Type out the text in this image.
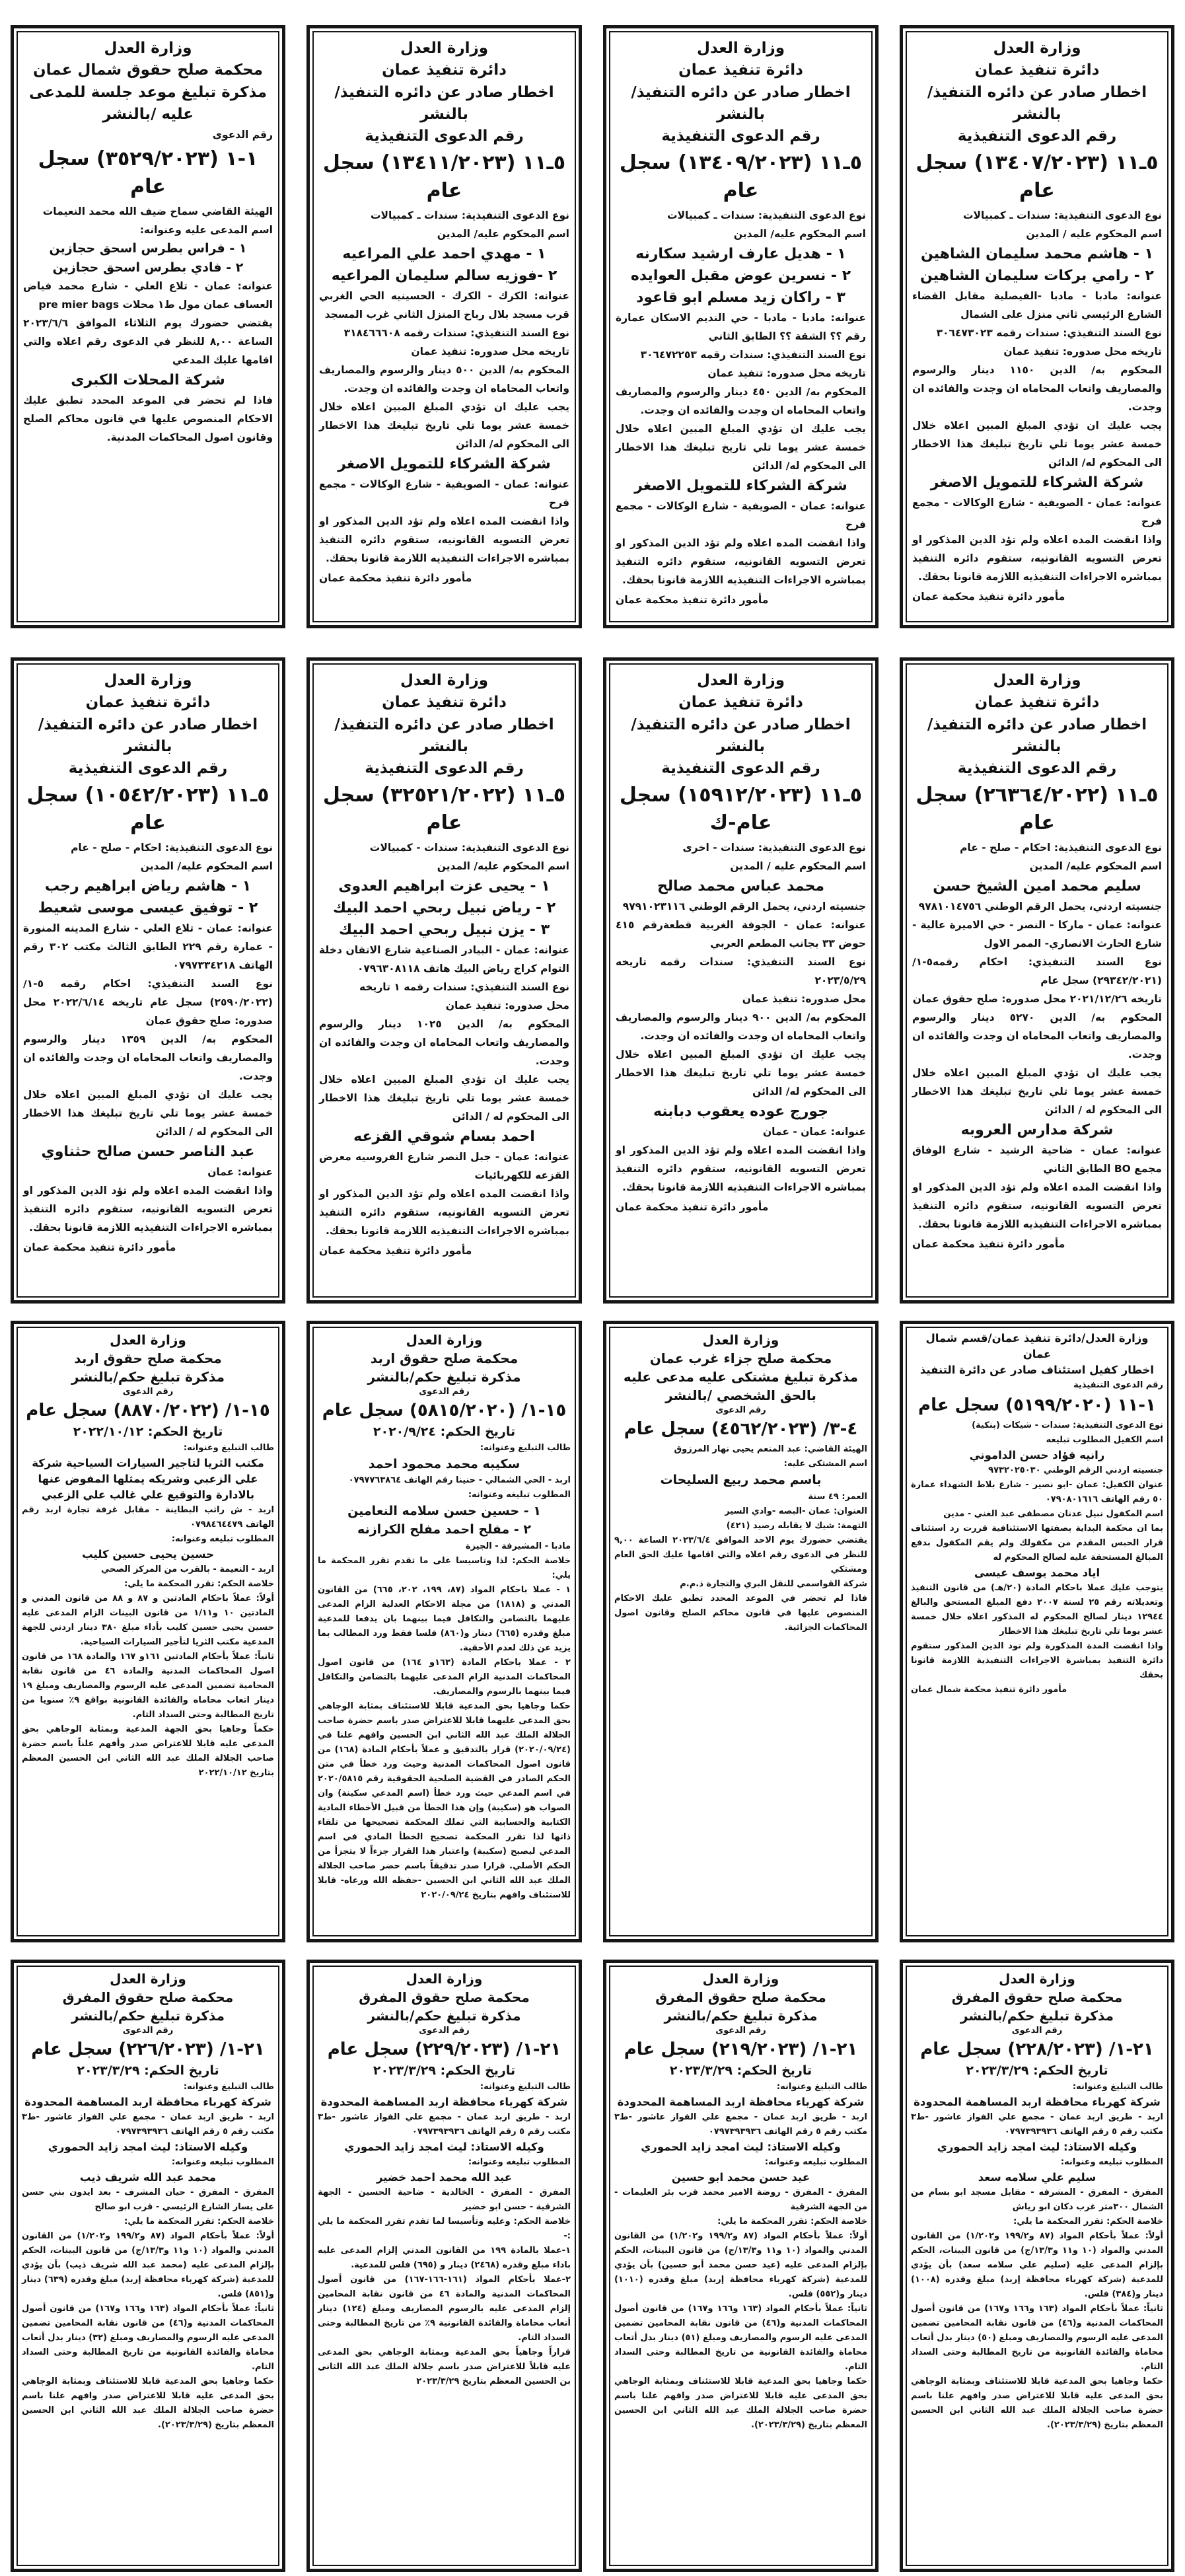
وزارة العدل

دائرة تنفيذ عمان

اخطار صادر عن دائره التنفيذ/ بالنشر

رقم الدعوى التنفيذية

٥ـ١١ (١٣٤٠٧/٢٠٢٣) سجل عام

نوع الدعوى التنفيذية: سندات ـ كمبيالات

اسم المحكوم عليه / المدين

١ - هاشم محمد سليمان الشاهين

٢ - رامي بركات سليمان الشاهين

عنوانه: مادبا - مادبا -الفيصلية مقابل القضاء الشارع الرئيسي ثاني منزل على الشمال

نوع السند التنفيذي: سندات رقمه ٣٠٦٤٧٣٠٢٣

تاريخه محل صدوره: تنفيذ عمان

المحكوم به/ الدين ١١٥٠ دينار والرسوم والمصاريف واتعاب المحاماه ان وجدت والفائده ان وجدت.

يجب عليك ان تؤدي المبلغ المبين اعلاه خلال خمسة عشر يوما تلي تاريخ تبليغك هذا الاخطار الى المحكوم له/ الدائن

شركة الشركاء للتمويل الاصغر

عنوانه: عمان - الصويفية - شارع الوكالات - مجمع فرح

واذا انقضت المده اعلاه ولم تؤد الدين المذكور او تعرض التسويه القانونيه، ستقوم دائره التنفيذ بمباشره الاجراءات التنفيذيه اللازمة قانونا بحقك.

مأمور دائرة تنفيذ محكمة عمان

وزارة العدل

دائرة تنفيذ عمان

اخطار صادر عن دائره التنفيذ/ بالنشر

رقم الدعوى التنفيذية

٥ـ١١ (١٣٤٠٩/٢٠٢٣) سجل عام

نوع الدعوى التنفيذية: سندات ـ كمبيالات

اسم المحكوم عليه/ المدين

١ - هديل عارف ارشيد سكارنه

٢ - نسرين عوض مقبل العوايده

٣ - راكان زيد مسلم ابو قاعود

عنوانه: مادبا - مادبا - حي النديم الاسكان عمارة رقم ؟؟ الشقة ؟؟ الطابق الثاني

نوع السند التنفيذي: سندات رقمه ٣٠٦٤٧٢٢٥٣

تاريخه محل صدوره: تنفيذ عمان

المحكوم به/ الدين ٤٥٠ دينار والرسوم والمصاريف واتعاب المحاماه ان وجدت والفائده ان وجدت.

يجب عليك ان تؤدي المبلغ المبين اعلاه خلال خمسة عشر يوما تلي تاريخ تبليغك هذا الاخطار الى المحكوم له/ الدائن

شركة الشركاء للتمويل الاصغر

عنوانه: عمان - الصويفية - شارع الوكالات - مجمع فرح

واذا انقضت المده اعلاه ولم تؤد الدين المذكور او تعرض التسويه القانونيه، ستقوم دائره التنفيذ بمباشره الاجراءات التنفيذيه اللازمة قانونا بحقك.

مأمور دائرة تنفيذ محكمة عمان

وزارة العدل

دائرة تنفيذ عمان

اخطار صادر عن دائره التنفيذ/ بالنشر

رقم الدعوى التنفيذية

٥ـ١١ (١٣٤١١/٢٠٢٣) سجل عام

نوع الدعوى التنفيذية: سندات ـ كمبيالات

اسم المحكوم عليه/ المدين

١ - مهدي احمد علي المراعيه

٢ -فوزيه سالم سليمان المراعيه

عنوانه: الكرك - الكرك - الحسينيه الحي الغربي قرب مسجد بلال رباح المنزل الثاني غرب المسجد

نوع السند التنفيذي: سندات رقمه ٣١٨٤٦٦٦٠٨

تاريخه محل صدوره: تنفيذ عمان

المحكوم به/ الدين ٥٠٠ دينار والرسوم والمصاريف واتعاب المحاماه ان وجدت والفائده ان وجدت.

يجب عليك ان تؤدي المبلغ المبين اعلاه خلال خمسة عشر يوما تلي تاريخ تبليغك هذا الاخطار الى المحكوم له/ الدائن

شركة الشركاء للتمويل الاصغر

عنوانه: عمان - الصويفية - شارع الوكالات - مجمع فرح

واذا انقضت المده اعلاه ولم تؤد الدين المذكور او تعرض التسويه القانونيه، ستقوم دائره التنفيذ بمباشره الاجراءات التنفيذيه اللازمة قانونا بحقك.

مأمور دائرة تنفيذ محكمة عمان

وزارة العدل

محكمة صلح حقوق شمال عمان

مذكرة تبليغ موعد جلسة للمدعى عليه /بالنشر

رقم الدعوى

١-١ (٣٥٢٩/٢٠٢٣) سجل عام

الهيئة القاضي سماح ضيف الله محمد النعيمات

اسم المدعى عليه وعنوانه:

١ - فراس بطرس اسحق حجازين

٢ - فادي بطرس اسحق حجازين

عنوانه: عمان - تلاع العلي - شارع محمد فياض العساف عمان مول ط١ محلات pre mier bags

يقتضي حضورك يوم الثلاثاء الموافق ٢٠٢٣/٦/٦ الساعة ٨,٠٠ للنظر في الدعوى رقم اعلاه والتي اقامها عليك المدعي

شركة المحلات الكبرى

فاذا لم تحضر في الموعد المحدد تطبق عليك الاحكام المنصوص عليها في قانون محاكم الصلح وقانون اصول المحاكمات المدنية.

وزارة العدل

دائرة تنفيذ عمان

اخطار صادر عن دائره التنفيذ/ بالنشر

رقم الدعوى التنفيذية

٥ـ١١ (٢٦٣٦٤/٢٠٢٢) سجل عام

نوع الدعوى التنفيذية: احكام - صلح - عام

اسم المحكوم عليه/ المدين

سليم محمد امين الشيخ حسن

جنسيته اردني، يحمل الرقم الوطني ٩٧٨١٠١٤٧٥٦

عنوانه: عمان - ماركا - النصر - حي الاميرة عالية - شارع الحارث الانصاري- الممر الاول

نوع السند التنفيذي: احكام رقمه٥-١/ (٢٩٣٤٢/٢٠٢١) سجل عام

تاريخه ٢٠٢١/١٢/٢٦ محل صدوره: صلح حقوق عمان

المحكوم به/ الدين ٥٢٧٠ دينار والرسوم والمصاريف واتعاب المحاماه ان وجدت والفائده ان وجدت.

يجب عليك ان تؤدي المبلغ المبين اعلاه خلال خمسة عشر يوما تلي تاريخ تبليغك هذا الاخطار الى المحكوم له / الدائن

شركة مدارس العروبه

عنوانه: عمان - ضاحية الرشيد - شارع الوفاق مجمع BO الطابق الثاني

واذا انقضت المده اعلاه ولم تؤد الدين المذكور او تعرض التسويه القانونيه، ستقوم دائره التنفيذ بمباشره الاجراءات التنفيذيه اللازمة قانونا بحقك.

مأمور دائرة تنفيذ محكمة عمان

وزارة العدل

دائرة تنفيذ عمان

اخطار صادر عن دائره التنفيذ/ بالنشر

رقم الدعوى التنفيذية

٥ـ١١ (١٥٩١٢/٢٠٢٣) سجل عام-ك

نوع الدعوى التنفيذية: سندات - اخرى

اسم المحكوم عليه / المدين

محمد عباس محمد صالح

جنسيته اردني، يحمل الرقم الوطني ٩٧٩١٠٢٣١١٦

عنوانه: عمان - الجوفة الغربية قطعةرقم ٤١٥ حوض ٣٣ بجانب المطعم العربي

نوع السند التنفيذي: سندات رقمه تاريخه ٢٠٢٣/٥/٢٩

محل صدوره: تنفيذ عمان

المحكوم به/ الدين ٩٠٠ دينار والرسوم والمصاريف واتعاب المحاماه ان وجدت والفائده ان وجدت.

يجب عليك ان تؤدي المبلغ المبين اعلاه خلال خمسة عشر يوما تلي تاريخ تبليغك هذا الاخطار الى المحكوم له/ الدائن

جورج عوده يعقوب دبابنه

عنوانه: عمان - عمان

واذا انقضت المده اعلاه ولم تؤد الدين المذكور او تعرض التسويه القانونيه، ستقوم دائره التنفيذ بمباشره الاجراءات التنفيذيه اللازمة قانونا بحقك.

مأمور دائرة تنفيذ محكمة عمان

وزارة العدل

دائرة تنفيذ عمان

اخطار صادر عن دائره التنفيذ/ بالنشر

رقم الدعوى التنفيذية

٥ـ١١ (٣٢٥٢١/٢٠٢٢) سجل عام

نوع الدعوى التنفيذية: سندات - كمبيالات

اسم المحكوم عليه/ المدين

١ - يحيى عزت ابراهيم العدوى

٢ - رياض نبيل ربحي احمد البيك

٣ - يزن نبيل ربحي احمد البيك

عنوانه: عمان - البيادر الصناعية شارع الاتقان دخلة التوام كراج رياض البيك هاتف ٠٧٩٦٣٠٨١١٨

نوع السند التنفيذي: سندات رقمه ١ تاريخه

محل صدوره: تنفيذ عمان

المحكوم به/ الدين ١٠٢٥ دينار والرسوم والمصاريف واتعاب المحاماه ان وجدت والفائده ان وجدت.

يجب عليك ان تؤدي المبلغ المبين اعلاه خلال خمسة عشر يوما تلي تاريخ تبليغك هذا الاخطار الى المحكوم له / الدائن

احمد بسام شوقي القزعه

عنوانه: عمان - جبل النصر شارع الفروسيه معرض القزعه للكهربائيات

واذا انقضت المده اعلاه ولم تؤد الدين المذكور او تعرض التسويه القانونيه، ستقوم دائره التنفيذ بمباشره الاجراءات التنفيذيه اللازمة قانونا بحقك.

مأمور دائرة تنفيذ محكمة عمان

وزارة العدل

دائرة تنفيذ عمان

اخطار صادر عن دائره التنفيذ/ بالنشر

رقم الدعوى التنفيذية

٥ـ١١ (١٠٥٤٢/٢٠٢٣) سجل عام

نوع الدعوى التنفيذية: احكام - صلح - عام

اسم المحكوم عليه/ المدين

١ - هاشم رياض ابراهيم رجب

٢ - توفيق عيسى موسى شعيط

عنوانه: عمان - تلاع العلي - شارع المدينه المنورة - عمارة رقم ٢٢٩ الطابق الثالث مكتب ٣٠٢ رقم الهاتف ٠٧٩٧٣٣٤٢١٨

نوع السند التنفيذي: احكام رقمه ٥-١/ (٢٥٩٠/٢٠٢٢) سجل عام تاريخه ٢٠٢٢/٦/١٤ محل صدوره: صلح حقوق عمان

المحكوم به/ الدين ١٣٥٩ دينار والرسوم والمصاريف واتعاب المحاماه ان وجدت والفائده ان وجدت.

يجب عليك ان تؤدي المبلغ المبين اعلاه خلال خمسة عشر يوما تلي تاريخ تبليغك هذا الاخطار الى المحكوم له / الدائن

عبد الناصر حسن صالح حثناوي

عنوانه: عمان

واذا انقضت المده اعلاه ولم تؤد الدين المذكور او تعرض التسويه القانونيه، ستقوم دائره التنفيذ بمباشره الاجراءات التنفيذيه اللازمة قانونا بحقك.

مأمور دائرة تنفيذ محكمة عمان

وزارة العدل/دائرة تنفيذ عمان/قسم شمال عمان

اخطار كفيل استئناف صادر عن دائرة التنفيذ

رقم الدعوى التنفيذية

١-١١ (٥١٩٩/٢٠٢٠) سجل عام

نوع الدعوى التنفيذية: سندات - شيكات (بنكية)

اسم الكفيل المطلوب تبليغه

رانيه فؤاد حسن الداموني

جنسيته اردني الرقم الوطني ٩٧٣٢٠٢٥٠٣٠

عنوان الكفيل: عمان -ابو نصير - شارع بلاط الشهداء عمارة ٥٠ رقم الهاتف ٠٧٩٠٨٠١٦١٦

اسم المكفول نبيل عدنان مصطفى عبد الغني - مدين

بما ان محكمة البداية بصفتها الاستئنافية قررت رد استئناف قرار الحبس المقدم من مكفولك ولم يقم المكفول بدفع المبالغ المستحقة عليه لصالح المحكوم له

اياد محمد يوسف عيسى

يتوجب عليك عملا باحكام المادة (٢٠/هـ) من قانون التنفيذ وتعديلاته رقم ٢٥ لسنة ٢٠٠٧ دفع المبلغ المستحق والبالغ ١٢٩٤٤ دينار لصالح المحكوم له المذكور اعلاه خلال خمسة عشر يوما تلي تاريخ تبليغك هذا الاخطار

واذا انقضت المدة المذكورة ولم تود الدين المذكور ستقوم دائرة التنفيذ بمباشرة الاجراءات التنفيذية اللازمة قانونا بحقك

مأمور دائرة تنفيذ محكمة شمال عمان

وزارة العدل

محكمة صلح جزاء غرب عمان

مذكرة تبليغ مشتكى عليه مدعى عليه بالحق الشخصي /بالنشر

رقم الدعوى

٤-٣/ (٤٥٦٢/٢٠٢٣) سجل عام

الهيئة القاضي: عبد المنعم يحيى نهار المرزوق

اسم المشتكى عليه:

باسم محمد ربيع السليحات

العمر: ٤٩ سنة

العنوان: عمان -البصه -وادي السير

التهمة: شيك لا يقابله رصيد (٤٢١)

يقتضي حضورك يوم الاحد الموافق ٢٠٢٣/٦/٤ الساعة ٩,٠٠ للنظر في الدعوى رقم اعلاه والتي اقامها عليك الحق العام ومشتكي

شركة القواسمي للنقل البري والتجارة ذ.م.م

فاذا لم تحضر في الموعد المحدد تطبق عليك الاحكام المنصوص عليها في قانون محاكم الصلح وقانون اصول المحاكمات الجزائية.

وزارة العدل

محكمة صلح حقوق اربد

مذكرة تبليغ حكم/بالنشر

رقم الدعوى

١٥-١/ (٥٨١٥/٢٠٢٠) سجل عام

تاريخ الحكم: ٢٠٢٠/٩/٢٤

طالب التبليغ وعنوانه:

سكيبه محمد محمود احمد

اربد - الحي الشمالي - حنينا رقم الهاتف ٠٧٩٧٧٦٣٨٦٤

المطلوب تبليغه وعنوانه:

١ - حسين حسن سلامه النعامين

٢ - مفلح احمد مفلح الكرازنه

مادبا - المشيرفة - الجيزة

خلاصة الحكم: لذا وتاسيسا على ما تقدم تقرر المحكمة ما يلي:

١ - عملا باحكام المواد (٨٧، ١٩٩، ٢٠٢، ٦٦٥) من القانون المدني و (١٨١٨) من مجلة الاحكام العدلية الزام المدعى عليهما بالتضامن والتكافل فيما بينهما بان يدفعا للمدعية مبلغ وقدره (٦٦٥) دينار و(٨٦٠) فلسا فقط ورد المطالب بما يزيد عن ذلك لعدم الأحقية.

٢ - عملا باحكام المادة (١٦٣و ١٦٤) من قانون اصول المحاكمات المدنية الزام المدعى عليهما بالتضامن والتكافل فيما بينهما بالرسوم والمصاريف.

حكما وجاهيا بحق المدعية قابلا للاستئناف بمثابة الوجاهي بحق المدعى عليهما قابلا للاعتراض صدر باسم حضرة صاحب الجلالة الملك عبد الله الثاني ابن الحسين وافهم علنا في (٢٠٢٠/٠٩/٢٤) قرار بالتدقيق و عملاً بأحكام المادة (١٦٨) من قانون اصول المحاكمات المدنية وحيث ورد خطأ في متن الحكم الصادر في القضية الصلحية الحقوقية رقم ٢٠٢٠/٥٨١٥ في اسم المدعي حيث ورد خطأ (اسم المدعي سكينة) وان الصواب هو (سكيبة) وإن هذا الخطأ من قبيل الأخطاء المادية الكتابية والحسابية التي تملك المحكمة تصحيحها من تلقاء ذاتها لذا تقرر المحكمة تصحيح الخطأ المادي في اسم المدعي ليصبح (سكيبة) واعتبار هذا القرار جزءاً لا يتجزأ من الحكم الأصلي. قرارا صدر تدقيقاً باسم حضر صاحب الجلالة الملك عبد الله الثاني ابن الحسين -حفظه الله ورعاه- قابلا للاستئناف وافهم بتاريخ ٢٠٢٠/٠٩/٢٤

وزارة العدل

محكمة صلح حقوق اربد

مذكرة تبليغ حكم/بالنشر

رقم الدعوى

١٥-١/ (٨٨٧٠/٢٠٢٢) سجل عام

تاريخ الحكم: ٢٠٢٢/١٠/١٢

طالب التبليغ وعنوانه:

مكتب الثريا لتاجير السيارات السياحية شركة علي الزعبي وشريكه يمثلها المفوض عنها بالادارة والتوقيع علي غالب علي الزعبي

اربد - ش راتب البطاينة - مقابل غرفة تجارة اربد رقم الهاتف ٠٧٩٨٤٦٤٤٧٩

المطلوب تبليغه وعنوانه:

حسين يحيى حسين كليب

اربد - النعيمة - بالقرب من المركز الصحي

خلاصة الحكم: تقرر المحكمة ما يلي:

أولاً: عملاً باحكام المادتين و ٨٧ و ٨٨ من قانون المدني و المادتين ١٠ و١/١١ من قانون البينات الزام المدعى عليه حسين يحيى حسين كليب بأداء مبلغ ٣٨٠ دينار اردني للجهة المدعية مكتب الثريا لتأجير السيارات السياحية.

ثانياً: عملاً بأحكام المادتين ١٦١و ١٦٧ والمادة ١٦٨ من قانون اصول المحاكمات المدنية والمادة ٤٦ من قانون نقابة المحامية تضمين المدعى عليه الرسوم والمصاريف ومبلغ ١٩ دينار اتعاب محاماه والفائدة القانونية بواقع ٩٪ سنويا من تاريخ المطالبة وحتى السداد التام.

حكماً وجاهيا بحق الجهة المدعية وبمثابة الوجاهي بحق المدعى عليه قابلا للاعتراض صدر وأفهم علناً باسم حضرة صاحب الجلالة الملك عبد الله الثاني ابن الحسين المعظم بتاريخ ٢٠٢٢/١٠/١٢

وزارة العدل

محكمة صلح حقوق المفرق

مذكرة تبليغ حكم/بالنشر

رقم الدعوى

٢١-١/ (٢٢٨/٢٠٢٣) سجل عام

تاريخ الحكم: ٢٠٢٣/٣/٢٩

طالب التبليغ وعنوانه:

شركة كهرباء محافظة اربد المساهمة المحدودة

اربد - طريق اربد عمان - مجمع علي الفواز عاشور -ط٣ مكتب رقم ٥ رقم الهاتف ٠٧٩٧٣٩٣٩٣٦

وكيله الاستاذ: ليث امجد زايد الحموري

المطلوب تبليغه وعنوانه:

سليم علي سلامه سعد

المفرق - المفرق - المشرفه - مقابل مسجد ابو بسام من الشمال ٣٠٠متر غرب دكان ابو رياش

خلاصة الحكم: تقرر المحكمة ما يلي:

أولاً: عملاً بأحكام المواد (٨٧ و١٩٩/٢ و١/٢٠٢) من القانون المدني والمواد (١٠ و١١ و١٣/٣/ج) من قانون البينات، الحكم بإلزام المدعى عليه (سليم علي سلامه سعد) بأن يؤدي للمدعية (شركة كهرباء محافظة إربد) مبلغ وقدره (١٠٠٨) دينار و(٣٨٤) فلس.

ثانياً: عملاً بأحكام المواد (١٦٣ و١٦٦ و١٦٧) من قانون أصول المحاكمات المدنية و(٤٦) من قانون نقابة المحامين تضمين المدعى عليه الرسوم والمصاريف ومبلغ (٥٠) دينار بدل أتعاب محاماة والفائدة القانونية من تاريخ المطالبة وحتى السداد التام.

حكما وجاهيا بحق المدعية قابلا للاستئناف وبمثابة الوجاهي بحق المدعى عليه قابلا للاعتراض صدر وافهم علنا باسم حضرة صاحب الجلالة الملك عبد الله الثاني ابن الحسين المعظم بتاريخ (٢٠٢٣/٣/٢٩).

وزارة العدل

محكمة صلح حقوق المفرق

مذكرة تبليغ حكم/بالنشر

رقم الدعوى

٢١-١/ (٢١٩/٢٠٢٣) سجل عام

تاريخ الحكم: ٢٠٢٣/٣/٢٩

طالب التبليغ وعنوانه:

شركة كهرباء محافظة اربد المساهمة المحدودة

اربد - طريق اربد عمان - مجمع علي الفواز عاشور -ط٣ مكتب رقم ٥ رقم الهاتف ٠٧٩٧٣٩٣٩٣٦

وكيله الاستاذ: ليث امجد زايد الحموري

المطلوب تبليغه وعنوانه:

عيد حسن محمد ابو حسين

المفرق - المفرق - روضة الامير محمد قرب بئر العليمات - من الجهة الشرقية

خلاصة الحكم: تقرر المحكمة ما يلي:

أولاً: عملاً بأحكام المواد (٨٧ و١٩٩/٢ و١/٢٠٢) من القانون المدني والمواد (١٠ و١١ و١٣/٣/ج) من قانون البينات، الحكم بإلزام المدعى عليه (عيد حسن محمد أبو حسين) بأن يؤدي للمدعية (شركة كهرباء محافظة إربد) مبلغ وقدره (١٠١٠) دينار و(٥٥٢) فلس.

ثانياً: عملاً بأحكام المواد (١٦٣ و١٦٦ و١٦٧) من قانون أصول المحاكمات المدنية و(٤٦) من قانون نقابة المحامين تضمين المدعى عليه الرسوم والمصاريف ومبلغ (٥١) دينار بدل أتعاب محاماة والفائدة القانونية من تاريخ المطالبة وحتى السداد التام.

حكما وجاهيا بحق المدعية قابلا للاستئناف وبمثابة الوجاهي بحق المدعى عليه قابلا للاعتراض صدر وافهم علنا باسم حضرة صاحب الجلالة الملك عبد الله الثاني ابن الحسين المعظم بتاريخ (٢٠٢٣/٣/٢٩).

وزارة العدل

محكمة صلح حقوق المفرق

مذكرة تبليغ حكم/بالنشر

رقم الدعوى

٢١-١/ (٢٢٩/٢٠٢٣) سجل عام

تاريخ الحكم: ٢٠٢٣/٣/٢٩

طالب التبليغ وعنوانه:

شركة كهرباء محافظة اربد المساهمة المحدودة

اربد - طريق اربد عمان - مجمع علي الفواز عاشور -ط٣ مكتب رقم ٥ رقم الهاتف ٠٧٩٧٣٩٣٩٣٦

وكيله الاستاذ: ليث امجد زايد الحموري

المطلوب تبليغه وعنوانه:

عبد الله محمد احمد خضير

المفرق - المفرق - الخالدية - ضاحية الحسين - الجهة الشرقية - حسن ابو خضير

خلاصة الحكم: وعليه وتأسيسا لما تقدم تقرر المحكمة ما يلي :-

١-عملا بالمادة ١٩٩ من القانون المدني إلزام المدعى عليه باداء مبلغ وقدره (٢٤٦٨) دينار و (٦٩٥) فلس للمدعية.

٢-عملا بأحكام المواد (١٦١-١٦٦-١٦٧) من قانون أصول المحاكمات المدنية والمادة ٤٦ من قانون نقابة المحامين إلزام المدعى عليه بالرسوم المصاريف ومبلغ (١٢٤) دينار أتعاب محاماة والفائدة القانونية ٩٪ من تاريخ المطالبة وحتى السداد التام.

قراراً وجاهياً بحق المدعية وبمثابة الوجاهي بحق المدعى عليه قابلاً للاعتراض صدر باسم جلالة الملك عبد الله الثاني بن الحسين المعظم بتاريخ ٢٠٢٣/٣/٢٩

وزارة العدل

محكمة صلح حقوق المفرق

مذكرة تبليغ حكم/بالنشر

رقم الدعوى

٢١-١/ (٢٢٦/٢٠٢٣) سجل عام

تاريخ الحكم: ٢٠٢٣/٣/٢٩

طالب التبليغ وعنوانه:

شركة كهرباء محافظة اربد المساهمة المحدودة

اربد - طريق اربد عمان - مجمع علي الفواز عاشور -ط٣ مكتب رقم ٥ رقم الهاتف ٠٧٩٧٣٩٣٩٣٦

وكيله الاستاذ: ليث امجد زايد الحموري

المطلوب تبليغه وعنوانه:

محمد عبد الله شريف ذيب

المفرق - المفرق - حيان المشرف - بعد ايدون بني حسن على يسار الشارع الرئيسي - قرب ابو صالح

خلاصة الحكم: تقرر المحكمة ما يلي:

أولاً: عملاً بأحكام المواد (٨٧ و١٩٩/٢ و١/٢٠٢) من القانون المدني والمواد (١٠ و١١ و١٣/٣/ج) من قانون البينات، الحكم بإلزام المدعى عليه (محمد عبد الله شريف ذيب) بأن يؤدي للمدعية (شركة كهرباء محافظة إربد) مبلغ وقدره (٦٣٩) دينار و(٨٥١) فلس.

ثانياً: عملاً بأحكام المواد (١٦٣ و١٦٦ و١٦٧) من قانون أصول المحاكمات المدنية و(٤٦) من قانون نقابة المحامين تضمين المدعى عليه الرسوم والمصاريف ومبلغ (٣٢) دينار بدل أتعاب محاماة والفائدة القانونية من تاريخ المطالبة وحتى السداد التام.

حكما وجاهيا بحق المدعية قابلا للاستئناف وبمثابة الوجاهي بحق المدعى عليه قابلا للاعتراض صدر وافهم علنا باسم حضرة صاحب الجلالة الملك عبد الله الثاني ابن الحسين المعظم بتاريخ (٢٠٢٣/٣/٢٩).
